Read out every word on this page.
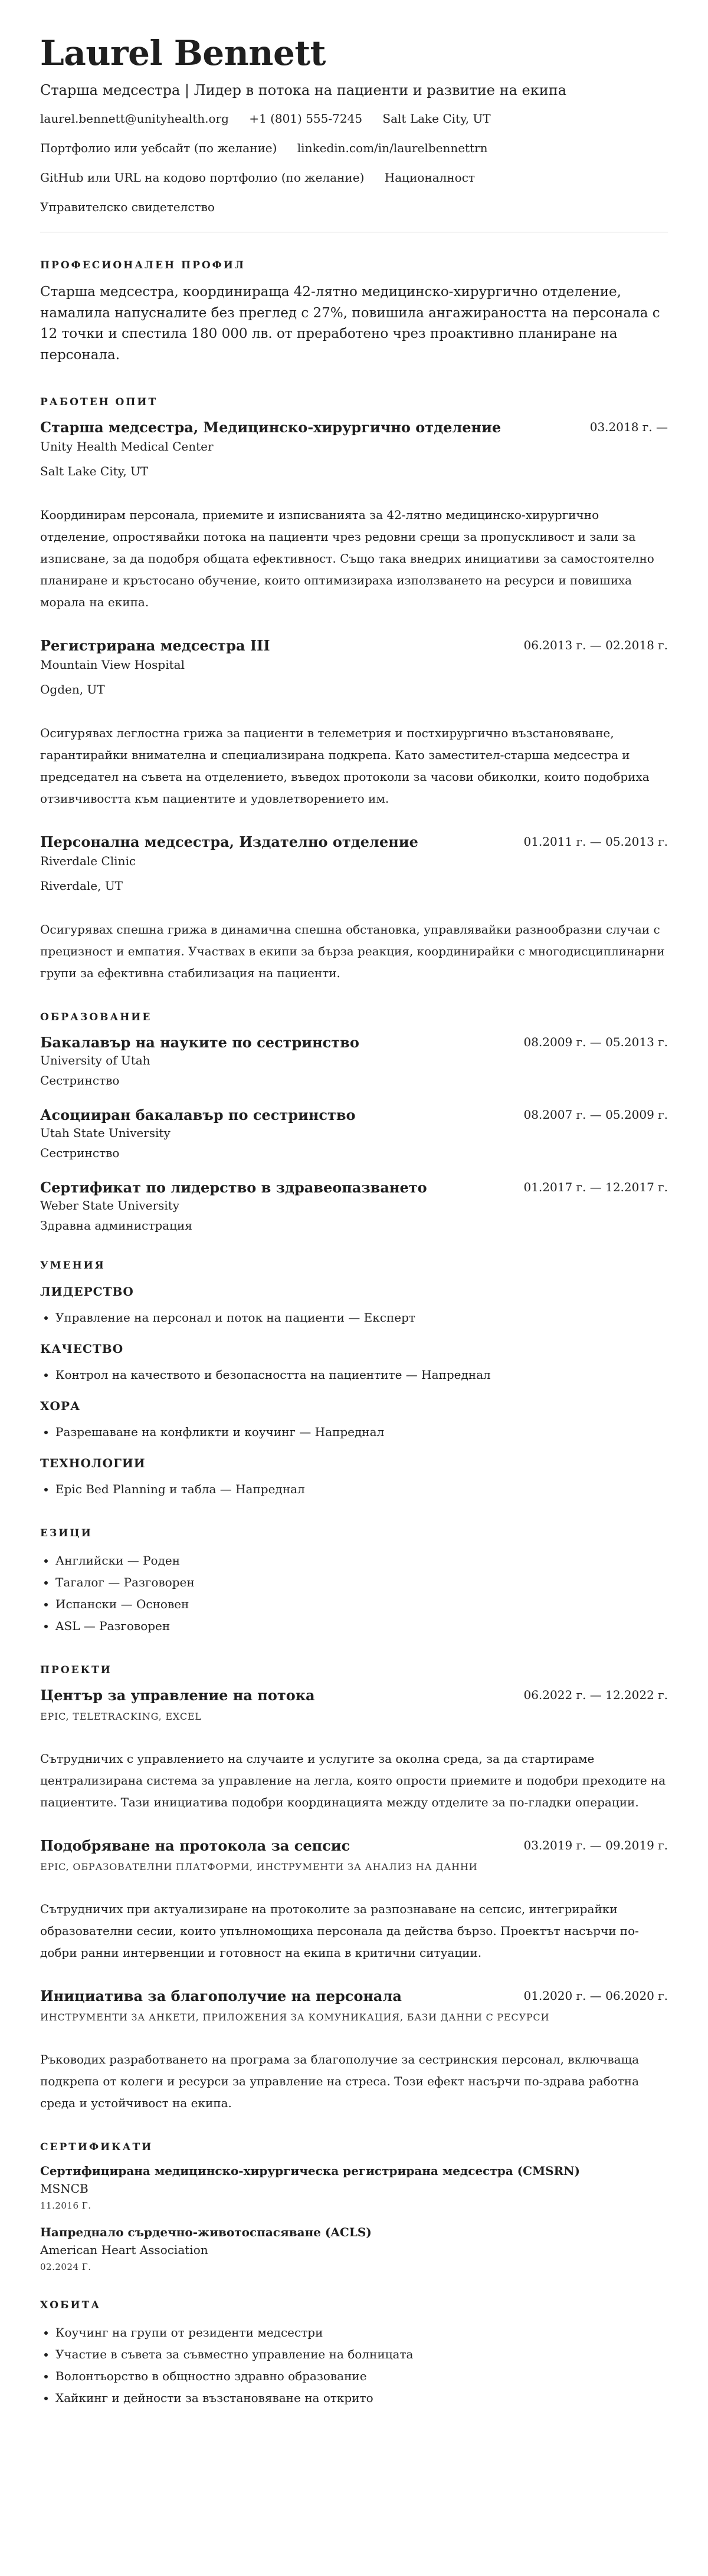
Laurel Bennett
Старша медсестра | Лидер в потока на пациенти и развитие на екипа
laurel.bennett@unityhealth.org +1 (801) 555-7245 Salt Lake City, UT
Портфолио или уебсайт (по желание) linkedin.com/in/laurelbennettrn
GitHub или URL на кодово портфолио (по желание) Националност
Управителско свидетелство
ПРОФЕСИОНАЛЕН ПРОФИЛ

Старша медсестра, координираща 42-лятно медицинско-хирургично отделение, намалила напусналите без преглед с 27%, повишила ангажираността на персонала с 12 точки и спестила 180 000 лв. от преработено чрез проактивно планиране на персонала.

РАБОТЕН ОПИТ
Старша медсестра, Медицинско-хирургично отделение	03.2018 г. —
Unity Health Medical Center
Salt Lake City, UT
Координирам персонала, приемите и изписванията за 42-лятно медицинско-хирургично отделение, опростявайки потока на пациенти чрез редовни срещи за пропускливост и зали за изписване, за да подобря общата ефективност. Също така внедрих инициативи за самостоятелно планиране и кръстосано обучение, които оптимизираха използването на ресурси и повишиха морала на екипа.
Регистрирана медсестра III	06.2013 г. — 02.2018 г.
Mountain View Hospital
Ogden, UT
Осигурявах леглостна грижа за пациенти в телеметрия и постхирургично възстановяване, гарантирайки внимателна и специализирана подкрепа. Като заместител-старша медсестра и председател на съвета на отделението, въведох протоколи за часови обиколки, които подобриха отзивчивостта към пациентите и удовлетворението им.
Персонална медсестра, Издателно отделение	01.2011 г. — 05.2013 г.
Riverdale Clinic
Riverdale, UT
Осигурявах спешна грижа в динамична спешна обстановка, управлявайки разнообразни случаи с прецизност и емпатия. Участвах в екипи за бърза реакция, координирайки с многодисциплинарни групи за ефективна стабилизация на пациенти.
ОБРАЗОВАНИЕ
Бакалавър на науките по сестринство	08.2009 г. — 05.2013 г.
University of Utah
Сестринство
Асоцииран бакалавър по сестринство	08.2007 г. — 05.2009 г.
Utah State University
Сестринство
Сертификат по лидерство в здравеопазването	01.2017 г. — 12.2017 г.
Weber State University
Здравна администрация
УМЕНИЯ
ЛИДЕРСТВО
• Управление на персонал и поток на пациенти — Експерт
КАЧЕСТВО
• Контрол на качеството и безопасността на пациентите — Напреднал
ХОРА
• Разрешаване на конфликти и коучинг — Напреднал
ТЕХНОЛОГИИ
• Epic Bed Planning и табла — Напреднал
ЕЗИЦИ
• Английски — Роден
• Тагалог — Разговорен
• Испански — Основен
• ASL — Разговорен
ПРОЕКТИ
Център за управление на потока	06.2022 г. — 12.2022 г.
EPIC, TELETRACKING, EXCEL
Сътрудничих с управлението на случаите и услугите за околна среда, за да стартираме централизирана система за управление на легла, която опрости приемите и подобри преходите на пациентите. Тази инициатива подобри координацията между отделите за по-гладки операции.
Подобряване на протокола за сепсис	03.2019 г. — 09.2019 г.
EPIC, ОБРАЗОВАТЕЛНИ ПЛАТФОРМИ, ИНСТРУМЕНТИ ЗА АНАЛИЗ НА ДАННИ
Сътрудничих при актуализиране на протоколите за разпознаване на сепсис, интегрирайки образователни сесии, които упълномощиха персонала да действа бързо. Проектът насърчи по-добри ранни интервенции и готовност на екипа в критични ситуации.
Инициатива за благополучие на персонала	01.2020 г. — 06.2020 г.
ИНСТРУМЕНТИ ЗА АНКЕТИ, ПРИЛОЖЕНИЯ ЗА КОМУНИКАЦИЯ, БАЗИ ДАННИ С РЕСУРСИ
Ръководих разработването на програма за благополучие за сестринския персонал, включваща подкрепа от колеги и ресурси за управление на стреса. Този ефект насърчи по-здрава работна среда и устойчивост на екипа.
СЕРТИФИКАТИ
Сертифицирана медицинско-хирургическа регистрирана медсестра (CMSRN)
MSNCB
11.2016 Г.
Напреднало сърдечно-животоспасяване (ACLS)
American Heart Association
02.2024 Г.
ХОБИТА
• Коучинг на групи от резиденти медсестри
• Участие в съвета за съвместно управление на болницата
• Волонтьорство в общностно здравно образование
• Хайкинг и дейности за възстановяване на открито
